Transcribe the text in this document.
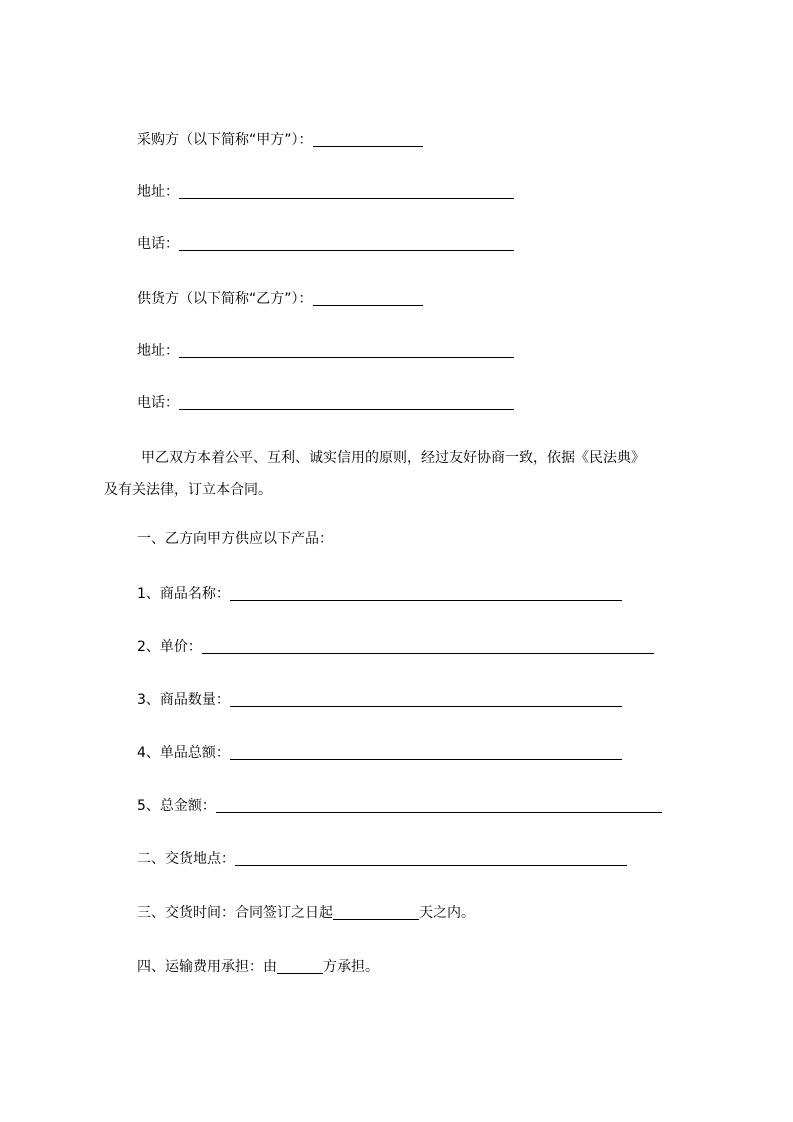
采购方（以下简称“甲方”）：
地址：
电话：
供货方（以下简称“乙方”）：
地址：
电话：
甲乙双方本着公平、互利、诚实信用的原则，经过友好协商一致，依据《民法典》
及有关法律，订立本合同。
一、乙方向甲方供应以下产品：
1、商品名称：
2、单价：
3、商品数量：
4、单品总额：
5、总金额：
二、交货地点：
三、交货时间：合同签订之日起	天之内。
四、运输费用承担：由	方承担。
